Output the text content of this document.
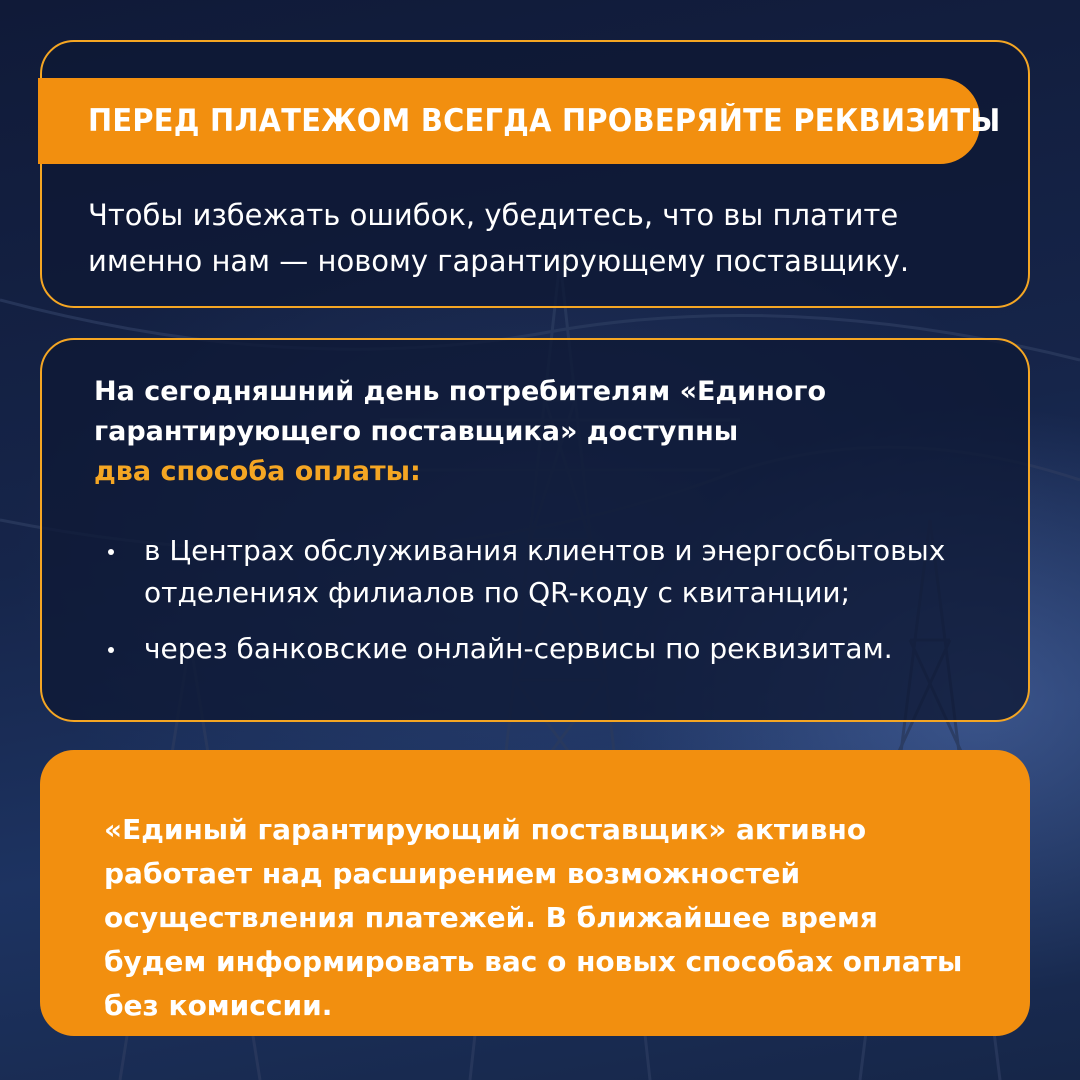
ПЕРЕД ПЛАТЕЖОМ ВСЕГДА ПРОВЕРЯЙТЕ РЕКВИЗИТЫ
Чтобы избежать ошибок, убедитесь, что вы платите именно нам — новому гарантирующему поставщику.
На сегодняшний день потребителям «Единого гарантирующего поставщика» доступны
два способа оплаты:
в Центрах обслуживания клиентов и энергосбытовых отделениях филиалов по QR-коду с квитанции;
через банковские онлайн-сервисы по реквизитам.
«Единый гарантирующий поставщик» активно работает над расширением возможностей осуществления платежей. В ближайшее время будем информировать вас о новых способах оплаты без комиссии.
